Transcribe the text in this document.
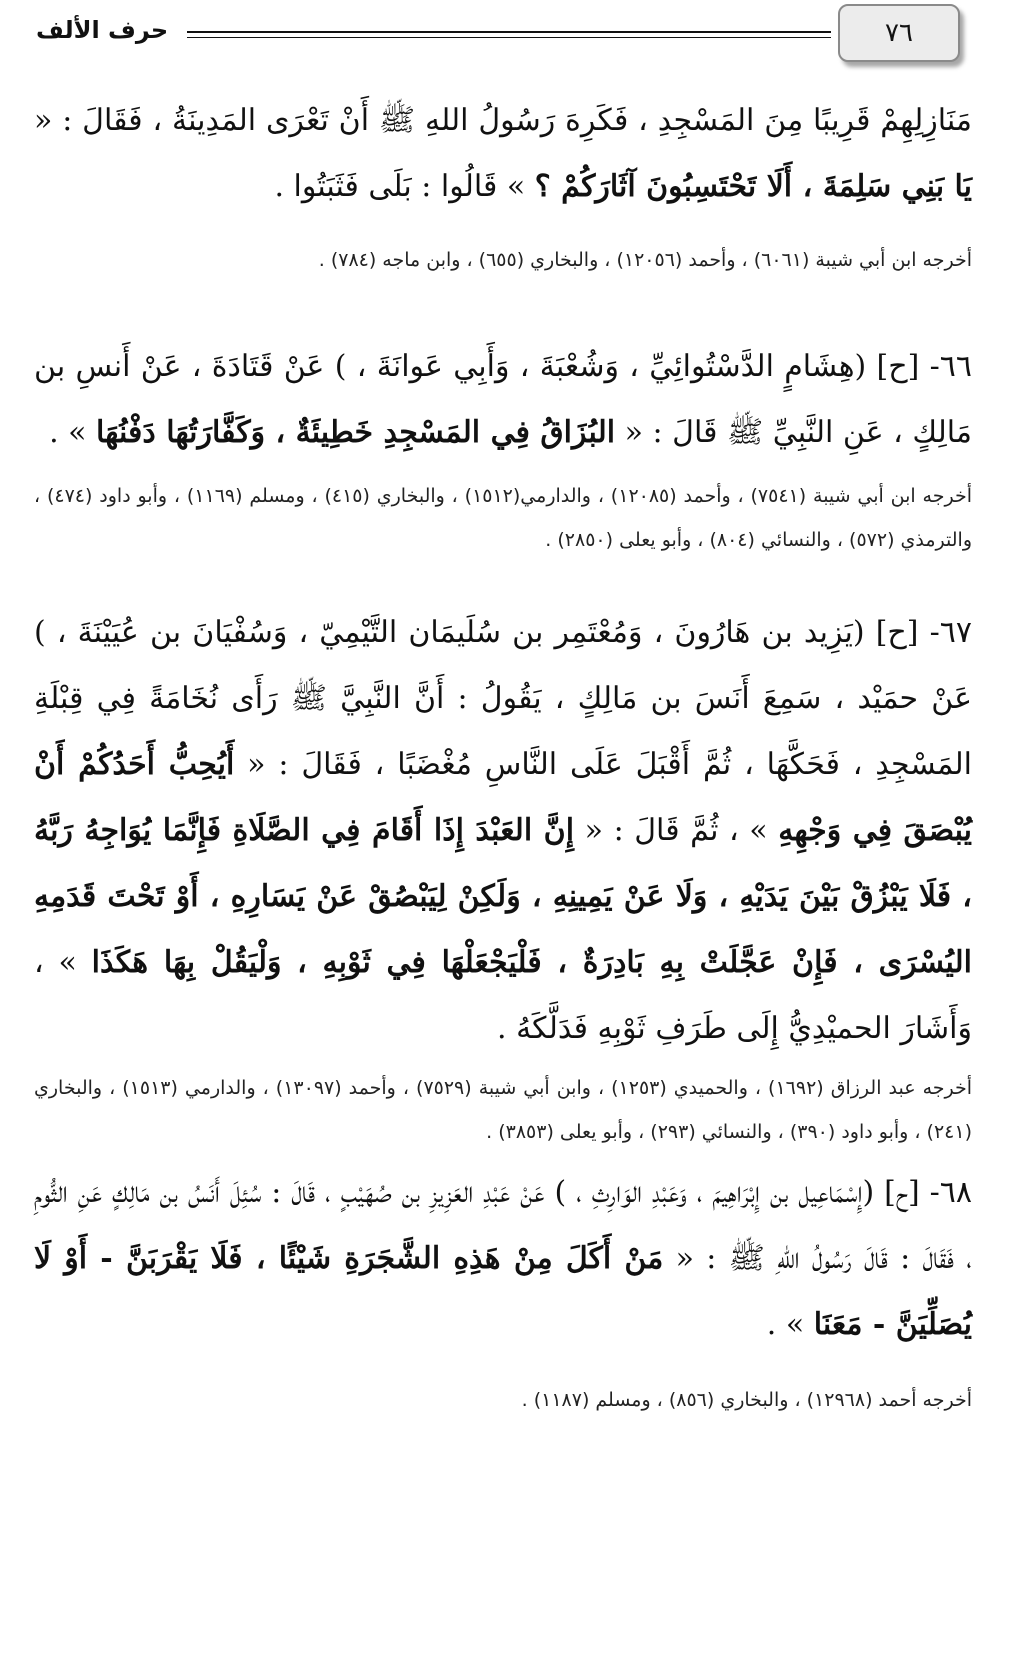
٧٦
حرف الألف
مَنَازِلِهِمْ قَرِيبًا مِنَ المَسْجِدِ ، فَكَرِهَ رَسُولُ اللهِ ﷺ أَنْ تَعْرَى المَدِينَةُ ، فَقَالَ : « يَا بَنِي سَلِمَةَ ، أَلَا تَحْتَسِبُونَ آثَارَكُمْ ؟ » قَالُوا : بَلَى فَثَبَتُوا .
أخرجه ابن أبي شيبة (٦٠٦١) ، وأحمد (١٢٠٥٦) ، والبخاري (٦٥٥) ، وابن ماجه (٧٨٤) .
٦٦- [ح] (هِشَامٍ الدَّسْتُوائِيِّ ، وَشُعْبَةَ ، وَأَبِي عَوانَةَ ، ) عَنْ قَتَادَةَ ، عَنْ أَنسِ بن مَالِكٍ ، عَنِ النَّبِيِّ ﷺ قَالَ : « البُزَاقُ فِي المَسْجِدِ خَطِيئَةٌ ، وَكَفَّارَتُهَا دَفْنُهَا » .
أخرجه ابن أبي شيبة (٧٥٤١) ، وأحمد (١٢٠٨٥) ، والدارمي(١٥١٢) ، والبخاري (٤١٥) ، ومسلم (١١٦٩) ، وأبو داود (٤٧٤) ، والترمذي (٥٧٢) ، والنسائي (٨٠٤) ، وأبو يعلى (٢٨٥٠) .
٦٧- [ح] (يَزِيد بن هَارُونَ ، وَمُعْتَمِر بن سُلَيمَان التَّيْمِيّ ، وَسُفْيَانَ بن عُيَيْنَةَ ، ) عَنْ حمَيْد ، سَمِعَ أَنَسَ بن مَالِكٍ ، يَقُولُ : أَنَّ النَّبِيَّ ﷺ رَأَى نُخَامَةً فِي قِبْلَةِ المَسْجِدِ ، فَحَكَّهَا ، ثُمَّ أَقْبَلَ عَلَى النَّاسِ مُغْضَبًا ، فَقَالَ : « أَيُحِبُّ أَحَدُكُمْ أَنْ يُبْصَقَ فِي وَجْهِهِ » ، ثُمَّ قَالَ : « إِنَّ العَبْدَ إِذَا أَقَامَ فِي الصَّلَاةِ فَإِنَّمَا يُوَاجِهُ رَبَّهُ ، فَلَا يَبْزُقْ بَيْنَ يَدَيْهِ ، وَلَا عَنْ يَمِينِهِ ، وَلَكِنْ لِيَبْصُقْ عَنْ يَسَارِهِ ، أَوْ تَحْتَ قَدَمِهِ اليُسْرَى ، فَإِنْ عَجَّلَتْ بِهِ بَادِرَةٌ ، فَلْيَجْعَلْهَا فِي ثَوْبِهِ ، وَلْيَقُلْ بِهَا هَكَذَا » ، وَأَشَارَ الحميْدِيُّ إِلَى طَرَفِ ثَوْبِهِ فَدَلَّكَهُ .
أخرجه عبد الرزاق (١٦٩٢) ، والحميدي (١٢٥٣) ، وابن أبي شيبة (٧٥٢٩) ، وأحمد (١٣٠٩٧) ، والدارمي (١٥١٣) ، والبخاري (٢٤١) ، وأبو داود (٣٩٠) ، والنسائي (٢٩٣) ، وأبو يعلى (٣٨٥٣) .
٦٨- [ح] (إِسْمَاعِيل بن إِبْرَاهِيمَ ، وَعَبْدِ الوَارِثِ ، ) عَنْ عَبْدِ العَزِيزِ بن صُهَيْبٍ ، قَالَ : سُئِلَ أَنَسُ بن مَالِكٍ عَنِ الثُّومِ ، فَقَالَ : قَالَ رَسُولُ اللهِ ﷺ : « مَنْ أَكَلَ مِنْ هَذِهِ الشَّجَرَةِ شَيْئًا ، فَلَا يَقْرَبَنَّ - أَوْ لَا يُصَلِّيَنَّ - مَعَنَا » .
أخرجه أحمد (١٢٩٦٨) ، والبخاري (٨٥٦) ، ومسلم (١١٨٧) .
